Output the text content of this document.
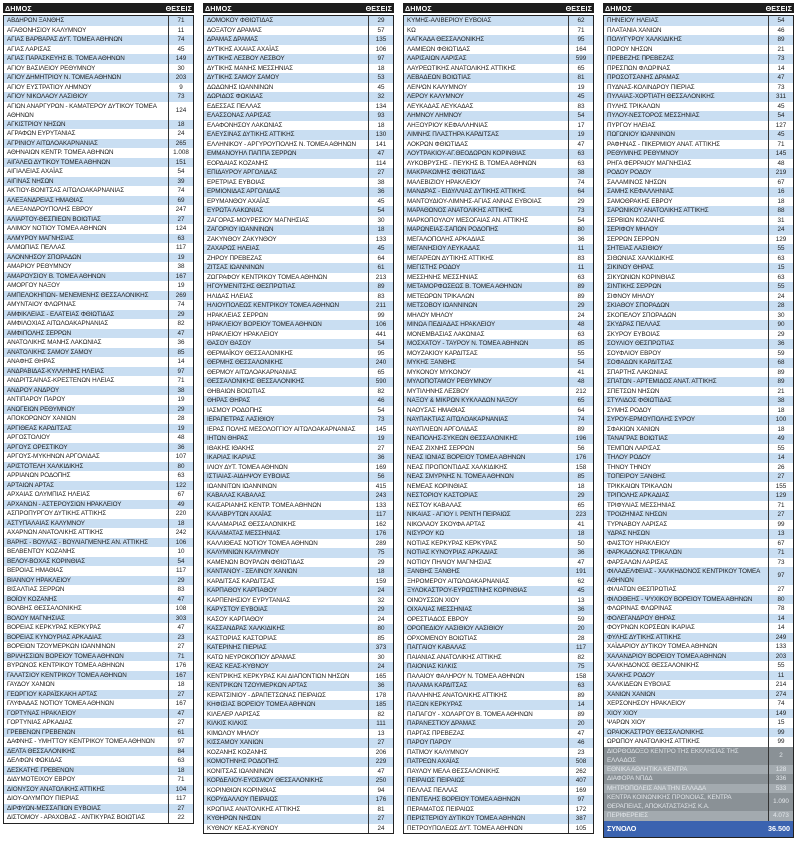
ΔΗΜΟΣ	ΘΕΣΕΙΣ
ΑΒΔΗΡΩΝ ΞΑΝΘΗΣ	71
ΑΓΑΘΟΝΗΣΙΟΥ ΚΑΛΥΜΝΟΥ	11
ΑΓΙΑΣ ΒΑΡΒΑΡΑΣ ΔΥΤ. ΤΟΜΕΑ ΑΘΗΝΩΝ	74
ΑΓΙΑΣ ΛΑΡΙΣΑΣ	45
ΑΓΙΑΣ ΠΑΡΑΣΚΕΥΗΣ Β. ΤΟΜΕΑ ΑΘΗΝΩΝ	149
ΑΓΙΟΥ ΒΑΣΙΛΕΙΟΥ ΡΕΘΥΜΝΟΥ	30
ΑΓΙΟΥ ΔΗΜΗΤΡΙΟΥ Ν. ΤΟΜΕΑ ΑΘΗΝΩΝ	203
ΑΓΙΟΥ ΕΥΣΤΡΑΤΙΟΥ ΛΗΜΝΟΥ	9
ΑΓΙΟΥ ΝΙΚΟΛΑΟΥ ΛΑΣΙΘΙΟΥ	73
ΑΓΙΩΝ ΑΝΑΡΓΥΡΩΝ - ΚΑΜΑΤΕΡΟΥ ΔΥΤΙΚΟΥ ΤΟΜΕΑ ΑΘΗΝΩΝ
124
ΑΓΚΙΣΤΡΙΟΥ ΝΗΣΩΝ	18
ΑΓΡΑΦΩΝ ΕΥΡΥΤΑΝΙΑΣ	24
ΑΓΡΙΝΙΟΥ ΑΙΤΩΛΟΑΚΑΡΝΑΝΙΑΣ	265
ΑΘΗΝΑΙΩΝ ΚΕΝΤΡ. ΤΟΜΕΑ ΑΘΗΝΩΝ	1.008
ΑΙΓΑΛΕΩ ΔΥΤΙΚΟΥ ΤΟΜΕΑ ΑΘΗΝΩΝ	151
ΑΙΓΙΑΛΕΙΑΣ ΑΧΑΪΑΣ	54
ΑΙΓΙΝΑΣ ΝΗΣΩΝ	39
ΑΚΤΙΟΥ-ΒΟΝΙΤΣΑΣ ΑΙΤΩΛΟΑΚΑΡΝΑΝΙΑΣ	74
ΑΛΕΞΑΝΔΡΕΙΑΣ ΗΜΑΘΙΑΣ	69
ΑΛΕΞΑΝΔΡΟΥΠΟΛΗΣ ΕΒΡΟΥ	247
ΑΛΙΑΡΤΟΥ-ΘΕΣΠΙΕΩΝ ΒΟΙΩΤΙΑΣ	27
ΑΛΙΜΟΥ ΝΟΤΙΟΥ ΤΟΜΕΑ ΑΘΗΝΩΝ	124
ΑΛΜΥΡΟΥ ΜΑΓΝΗΣΙΑΣ	63
ΑΛΜΩΠΙΑΣ ΠΕΛΛΑΣ	117
ΑΛΟΝΝΗΣΟΥ ΣΠΟΡΑΔΩΝ	19
ΑΜΑΡΙΟΥ ΡΕΘΥΜΝΟΥ	38
ΑΜΑΡΟΥΣΙΟΥ Β. ΤΟΜΕΑ ΑΘΗΝΩΝ	167
ΑΜΟΡΓΟΥ ΝΑΞΟΥ	19
ΑΜΠΕΛΟΚΗΠΩΝ- ΜΕΝΕΜΕΝΗΣ ΘΕΣΣΑΛΟΝΙΚΗΣ	269
ΑΜΥΝΤΑΙΟΥ ΦΛΩΡΙΝΑΣ	74
ΑΜΦΙΚΛΕΙΑΣ - ΕΛΑΤΕΙΑΣ ΦΘΙΩΤΙΔΑΣ	29
ΑΜΦΙΛΟΧΙΑΣ ΑΙΤΩΛΟΑΚΑΡΝΑΝΙΑΣ	82
ΑΜΦΙΠΟΛΗΣ ΣΕΡΡΩΝ	47
ΑΝΑΤΟΛΙΚΗΣ ΜΑΝΗΣ ΛΑΚΩΝΙΑΣ	36
ΑΝΑΤΟΛΙΚΗΣ ΣΑΜΟΥ ΣΑΜΟΥ	85
ΑΝΑΦΗΣ ΘΗΡΑΣ	14
ΑΝΔΡΑΒΙΔΑΣ-ΚΥΛΛΗΝΗΣ ΗΛΕΙΑΣ	97
ΑΝΔΡΙΤΣΑΙΝΑΣ-ΚΡΕΣΤΕΝΩΝ ΗΛΕΙΑΣ	71
ΑΝΔΡΟΥ ΑΝΔΡΟΥ	38
ΑΝΤΙΠΑΡΟΥ ΠΑΡΟΥ	19
ΑΝΩΓΕΙΩΝ ΡΕΘΥΜΝΟΥ	29
ΑΠΟΚΟΡΩΝΟΥ ΧΑΝΙΩΝ	28
ΑΡΓΙΘΕΑΣ ΚΑΡΔΙΤΣΑΣ	19
ΑΡΓΟΣΤΟΛΙΟΥ	48
ΑΡΓΟΥΣ ΟΡΕΣΤΙΚΟΥ	36
ΑΡΓΟΥΣ-ΜΥΚΗΝΩΝ ΑΡΓΟΛΙΔΑΣ	107
ΑΡΙΣΤΟΤΕΛΗ ΧΑΛΚΙΔΙΚΗΣ	80
ΑΡΡΙΑΝΩΝ ΡΟΔΟΠΗΣ	63
ΑΡΤΑΙΩΝ ΑΡΤΑΣ	122
ΑΡΧΑΙΑΣ ΟΛΥΜΠΙΑΣ ΗΛΕΙΑΣ	67
ΑΡΧΑΝΩΝ - ΑΣΤΕΡΟΥΣΙΩΝ ΗΡΑΚΛΕΙΟΥ	49
ΑΣΠΡΟΠΥΡΓΟΥ ΔΥΤΙΚΗΣ ΑΤΤΙΚΗΣ	220
ΑΣΤΥΠΑΛΑΙΑΣ ΚΑΛΥΜΝΟΥ	18
ΑΧΑΡΝΩΝ ΑΝΑΤΟΛΙΚΗΣ ΑΤΤΙΚΗΣ	242
ΒΑΡΗΣ - ΒΟΥΛΑΣ - ΒΟΥΛΙΑΓΜΕΝΗΣ ΑΝ. ΑΤΤΙΚΗΣ	106
ΒΕΛΒΕΝΤΟΥ ΚΟΖΑΝΗΣ	10
ΒΕΛΟΥ-ΒΟΧΑΣ ΚΟΡΙΝΘΙΑΣ	54
ΒΕΡΟΙΑΣ ΗΜΑΘΙΑΣ	117
ΒΙΑΝΝΟΥ ΗΡΑΚΛΕΙΟΥ	29
ΒΙΣΑΛΤΙΑΣ ΣΕΡΡΩΝ	83
ΒΟΪΟΥ ΚΟΖΑΝΗΣ	47
ΒΟΛΒΗΣ ΘΕΣΣΑΛΟΝΙΚΗΣ	108
ΒΟΛΟΥ ΜΑΓΝΗΣΙΑΣ	303
ΒΟΡΕΙΑΣ ΚΕΡΚΥΡΑΣ ΚΕΡΚΥΡΑΣ	47
ΒΟΡΕΙΑΣ ΚΥΝΟΥΡΙΑΣ ΑΡΚΑΔΙΑΣ	23
ΒΟΡΕΙΩΝ ΤΖΟΥΜΕΡΚΩΝ ΙΩΑΝΝΙΝΩΝ	27
ΒΡΙΛΗΣΣΙΩΝ ΒΟΡΕΙΟΥ ΤΟΜΕΑ ΑΘΗΝΩΝ	71
ΒΥΡΩΝΟΣ ΚΕΝΤΡΙΚΟΥ ΤΟΜΕΑ ΑΘΗΝΩΝ	176
ΓΑΛΑΤΣΙΟΥ ΚΕΝΤΡΙΚΟΥ ΤΟΜΕΑ ΑΘΗΝΩΝ	167
ΓΑΥΔΟΥ ΧΑΝΙΩΝ	18
ΓΕΩΡΓΙΟΥ ΚΑΡΑΪΣΚΑΚΗ ΑΡΤΑΣ	27
ΓΛΥΦΑΔΑΣ ΝΟΤΙΟΥ ΤΟΜΕΑ ΑΘΗΝΩΝ	167
ΓΟΡΤΥΝΑΣ ΗΡΑΚΛΕΙΟΥ	47
ΓΟΡΤΥΝΙΑΣ ΑΡΚΑΔΙΑΣ	27
ΓΡΕΒΕΝΩΝ ΓΡΕΒΕΝΩΝ	61
ΔΑΦΝΗΣ - ΥΜΗΤΤΟΥ ΚΕΝΤΡΙΚΟΥ ΤΟΜΕΑ ΑΘΗΝΩΝ	97
ΔΕΛΤΑ ΘΕΣΣΑΛΟΝΙΚΗΣ	84
ΔΕΛΦΩΝ ΦΩΚΙΔΑΣ	63
ΔΕΣΚΑΤΗΣ ΓΡΕΒΕΝΩΝ	18
ΔΙΔΥΜΟΤΕΙΧΟΥ ΕΒΡΟΥ	71
ΔΙΟΝΥΣΟΥ ΑΝΑΤΟΛΙΚΗΣ ΑΤΤΙΚΗΣ	104
ΔΙΟΥ-ΟΛΥΜΠΟΥ ΠΙΕΡΙΑΣ	117
ΔΙΡΦΥΩΝ-ΜΕΣΣΑΠΙΩΝ ΕΥΒΟΙΑΣ	27
ΔΙΣΤΟΜΟΥ - ΑΡΑΧΟΒΑΣ - ΑΝΤΙΚΥΡΑΣ ΒΟΙΩΤΙΑΣ	22
ΔΗΜΟΣ	ΘΕΣΕΙΣ
ΔΟΜΟΚΟΥ ΦΘΙΩΤΙΔΑΣ	29
ΔΟΞΑΤΟΥ ΔΡΑΜΑΣ	57
ΔΡΑΜΑΣ ΔΡΑΜΑΣ	135
ΔΥΤΙΚΗΣ ΑΧΑΙΑΣ ΑΧΑΪΑΣ	106
ΔΥΤΙΚΗΣ ΛΕΣΒΟΥ ΛΕΣΒΟΥ	97
ΔΥΤΙΚΗΣ ΜΑΝΗΣ ΜΕΣΣΗΝΙΑΣ	18
ΔΥΤΙΚΗΣ ΣΑΜΟΥ ΣΑΜΟΥ	53
ΔΩΔΩΝΗΣ ΙΩΑΝΝΙΝΩΝ	45
ΔΩΡΙΔΟΣ ΦΩΚΙΔΑΣ	32
ΕΔΕΣΣΑΣ ΠΕΛΛΑΣ	134
ΕΛΑΣΣΟΝΑΣ ΛΑΡΙΣΑΣ	93
ΕΛΑΦΟΝΗΣΟΥ ΛΑΚΩΝΙΑΣ	18
ΕΛΕΥΣΙΝΑΣ ΔΥΤΙΚΗΣ ΑΤΤΙΚΗΣ	130
ΕΛΛΗΝΙΚΟΥ - ΑΡΓΥΡΟΥΠΟΛΗΣ Ν. ΤΟΜΕΑ ΑΘΗΝΩΝ	141
ΕΜΜΑΝΟΥΗΛ ΠΑΠΠΑ ΣΕΡΡΩΝ	47
ΕΟΡΔΑΙΑΣ ΚΟΖΑΝΗΣ	114
ΕΠΙΔΑΥΡΟΥ ΑΡΓΟΛΙΔΑΣ	27
ΕΡΕΤΡΙΑΣ ΕΥΒΟΙΑΣ	38
ΕΡΜΙΟΝΙΔΑΣ ΑΡΓΟΛΙΔΑΣ	36
ΕΡΥΜΑΝΘΟΥ ΑΧΑΪΑΣ	45
ΕΥΡΩΤΑ ΛΑΚΩΝΙΑΣ	54
ΖΑΓΟΡΑΣ-ΜΟΥΡΕΣΙΟΥ ΜΑΓΝΗΣΙΑΣ	30
ΖΑΓΟΡΙΟΥ ΙΩΑΝΝΙΝΩΝ	18
ΖΑΚΥΝΘΟΥ ΖΑΚΥΝΘΟΥ	133
ΖΑΧΑΡΩΣ ΗΛΕΙΑΣ	45
ΖΗΡΟΥ ΠΡΕΒΕΖΑΣ	64
ΖΙΤΣΑΣ ΙΩΑΝΝΙΝΩΝ	61
ΖΩΓΡΑΦΟΥ ΚΕΝΤΡΙΚΟΥ ΤΟΜΕΑ ΑΘΗΝΩΝ	213
ΗΓΟΥΜΕΝΙΤΣΗΣ ΘΕΣΠΡΩΤΙΑΣ	89
ΗΛΙΔΑΣ ΗΛΕΙΑΣ	83
ΗΛΙΟΥΠΟΛΕΩΣ ΚΕΝΤΡΙΚΟΥ ΤΟΜΕΑ ΑΘΗΝΩΝ	211
ΗΡΑΚΛΕΙΑΣ ΣΕΡΡΩΝ	99
ΗΡΑΚΛΕΙΟΥ ΒΟΡΕΙΟΥ ΤΟΜΕΑ ΑΘΗΝΩΝ	106
ΗΡΑΚΛΕΙΟΥ ΗΡΑΚΛΕΙΟΥ	441
ΘΑΣΟΥ ΘΑΣΟΥ	54
ΘΕΡΜΑΪΚΟΥ ΘΕΣΣΑΛΟΝΙΚΗΣ	95
ΘΕΡΜΗΣ ΘΕΣΣΑΛΟΝΙΚΗΣ	240
ΘΕΡΜΟΥ ΑΙΤΩΛΟΑΚΑΡΝΑΝΙΑΣ	65
ΘΕΣΣΑΛΟΝΙΚΗΣ ΘΕΣΣΑΛΟΝΙΚΗΣ	590
ΘΗΒΑΙΩΝ ΒΟΙΩΤΙΑΣ	82
ΘΗΡΑΣ ΘΗΡΑΣ	46
ΙΑΣΜΟΥ ΡΟΔΟΠΗΣ	54
ΙΕΡΑΠΕΤΡΑΣ ΛΑΣΙΘΙΟΥ	73
ΙΕΡΑΣ ΠΟΛΗΣ ΜΕΣΟΛΟΓΓΙΟΥ ΑΙΤΩΛΟΑΚΑΡΝΑΝΙΑΣ	145
ΙΗΤΩΝ ΘΗΡΑΣ	19
ΙΘΑΚΗΣ ΙΘΑΚΗΣ	27
ΙΚΑΡΙΑΣ ΙΚΑΡΙΑΣ	36
ΙΛΙΟΥ ΔΥΤ. ΤΟΜΕΑ ΑΘΗΝΩΝ	169
ΙΣΤΙΑΙΑΣ-ΑΙΔΗΨΟΥ ΕΥΒΟΙΑΣ	56
ΙΩΑΝΝΙΤΩΝ ΙΩΑΝΝΙΝΩΝ	415
ΚΑΒΑΛΑΣ ΚΑΒΑΛΑΣ	243
ΚΑΙΣΑΡΙΑΝΗΣ ΚΕΝΤΡ. ΤΟΜΕΑ ΑΘΗΝΩΝ	133
ΚΑΛΑΒΡΥΤΩΝ ΑΧΑΪΑΣ	117
ΚΑΛΑΜΑΡΙΑΣ ΘΕΣΣΑΛΟΝΙΚΗΣ	162
ΚΑΛΑΜΑΤΑΣ ΜΕΣΣΗΝΙΑΣ	176
ΚΑΛΛΙΘΕΑΣ ΝΟΤΙΟΥ ΤΟΜΕΑ ΑΘΗΝΩΝ	289
ΚΑΛΥΜΝΙΩΝ ΚΑΛΥΜΝΟΥ	75
ΚΑΜΕΝΩΝ ΒΟΥΡΛΩΝ ΦΘΙΩΤΙΔΑΣ	29
ΚΑΝΤΑΝΟΥ - ΣΕΛΙΝΟΥ ΧΑΝΙΩΝ	18
ΚΑΡΔΙΤΣΑΣ ΚΑΡΔΙΤΣΑΣ	159
ΚΑΡΠΑΘΟΥ ΚΑΡΠΑΘΟΥ	24
ΚΑΡΠΕΝΗΣΙΟΥ ΕΥΡΥΤΑΝΙΑΣ	32
ΚΑΡΥΣΤΟΥ ΕΥΒΟΙΑΣ	29
ΚΑΣΟΥ ΚΑΡΠΑΘΟΥ	24
ΚΑΣΣΑΝΔΡΑΣ ΧΑΛΚΙΔΙΚΗΣ	80
ΚΑΣΤΟΡΙΑΣ ΚΑΣΤΟΡΙΑΣ	85
ΚΑΤΕΡΙΝΗΣ ΠΙΕΡΙΑΣ	373
ΚΑΤΩ ΝΕΥΡΟΚΟΠΙΟΥ ΔΡΑΜΑΣ	30
ΚΕΑΣ ΚΕΑΣ-ΚΥΘΝΟΥ	24
ΚΕΝΤΡΙΚΗΣ ΚΕΡΚΥΡΑΣ ΚΑΙ ΔΙΑΠΟΝΤΙΩΝ ΝΗΣΩΝ	165
ΚΕΝΤΡΙΚΩΝ ΤΖΟΥΜΕΡΚΩΝ ΑΡΤΑΣ	36
ΚΕΡΑΤΣΙΝΙΟΥ - ΔΡΑΠΕΤΣΩΝΑΣ ΠΕΙΡΑΙΩΣ	178
ΚΗΦΙΣΙΑΣ ΒΟΡΕΙΟΥ ΤΟΜΕΑ ΑΘΗΝΩΝ	185
ΚΙΛΕΛΕΡ ΛΑΡΙΣΑΣ	82
ΚΙΛΚΙΣ ΚΙΛΚΙΣ	111
ΚΙΜΩΛΟΥ ΜΗΛΟΥ	13
ΚΙΣΣΑΜΟΥ ΧΑΝΙΩΝ	27
ΚΟΖΑΝΗΣ ΚΟΖΑΝΗΣ	206
ΚΟΜΟΤΗΝΗΣ ΡΟΔΟΠΗΣ	229
ΚΟΝΙΤΣΑΣ ΙΩΑΝΝΙΝΩΝ	47
ΚΟΡΔΕΛΙΟΥ-ΕΥΟΣΜΟΥ ΘΕΣΣΑΛΟΝΙΚΗΣ	250
ΚΟΡΙΝΘΙΩΝ ΚΟΡΙΝΘΙΑΣ	94
ΚΟΡΥΔΑΛΛΟΥ ΠΕΙΡΑΙΩΣ	176
ΚΡΩΠΙΑΣ ΑΝΑΤΟΛΙΚΗΣ ΑΤΤΙΚΗΣ	81
ΚΥΘΗΡΩΝ ΝΗΣΩΝ	27
ΚΥΘΝΟΥ ΚΕΑΣ-ΚΥΘΝΟΥ	24
ΔΗΜΟΣ	ΘΕΣΕΙΣ
ΚΥΜΗΣ-ΑΛΙΒΕΡΙΟΥ ΕΥΒΟΙΑΣ	62
ΚΩ	71
ΛΑΓΚΑΔΑ ΘΕΣΣΑΛΟΝΙΚΗΣ	95
ΛΑΜΙΕΩΝ ΦΘΙΩΤΙΔΑΣ	164
ΛΑΡΙΣΑΙΩΝ ΛΑΡΙΣΑΣ	599
ΛΑΥΡΕΩΤΙΚΗΣ ΑΝΑΤΟΛΙΚΗΣ ΑΤΤΙΚΗΣ	65
ΛΕΒΑΔΕΩΝ ΒΟΙΩΤΙΑΣ	81
ΛΕΙΨΩΝ ΚΑΛΥΜΝΟΥ	19
ΛΕΡΟΥ ΚΑΛΥΜΝΟΥ	45
ΛΕΥΚΑΔΑΣ ΛΕΥΚΑΔΑΣ	83
ΛΗΜΝΟΥ ΛΗΜΝΟΥ	54
ΛΗΞΟΥΡΙΟΥ ΚΕΦΑΛΛΗΝΙΑΣ	17
ΛΙΜΝΗΣ ΠΛΑΣΤΗΡΑ ΚΑΡΔΙΤΣΑΣ	19
ΛΟΚΡΩΝ ΦΘΙΩΤΙΔΑΣ	47
ΛΟΥΤΡΑΚΙΟΥ-ΑΓ.ΘΕΟΔΩΡΩΝ ΚΟΡΙΝΘΙΑΣ	63
ΛΥΚΟΒΡΥΣΗΣ - ΠΕΥΚΗΣ Β. ΤΟΜΕΑ ΑΘΗΝΩΝ	63
ΜΑΚΡΑΚΩΜΗΣ ΦΘΙΩΤΙΔΑΣ	38
ΜΑΛΕΒΙΖΙΟΥ ΗΡΑΚΛΕΙΟΥ	74
ΜΑΝΔΡΑΣ - ΕΙΔΥΛΛΙΑΣ ΔΥΤΙΚΗΣ ΑΤΤΙΚΗΣ	64
ΜΑΝΤΟΥΔΙΟΥ-ΛΙΜΝΗΣ-ΑΓΙΑΣ ΑΝΝΑΣ ΕΥΒΟΙΑΣ	29
ΜΑΡΑΘΩΝΟΣ ΑΝΑΤΟΛΙΚΗΣ ΑΤΤΙΚΗΣ	73
ΜΑΡΚΟΠΟΥΛΟΥ ΜΕΣΟΓΑΙΑΣ ΑΝ. ΑΤΤΙΚΗΣ	54
ΜΑΡΩΝΕΙΑΣ-ΣΑΠΩΝ ΡΟΔΟΠΗΣ	80
ΜΕΓΑΛΟΠΟΛΗΣ ΑΡΚΑΔΙΑΣ	36
ΜΕΓΑΝΗΣΙΟΥ ΛΕΥΚΑΔΑΣ	11
ΜΕΓΑΡΕΩΝ ΔΥΤΙΚΗΣ ΑΤΤΙΚΗΣ	83
ΜΕΓΙΣΤΗΣ ΡΟΔΟΥ	11
ΜΕΣΣΗΝΗΣ ΜΕΣΣΗΝΙΑΣ	63
ΜΕΤΑΜΟΡΦΩΣΕΩΣ Β. ΤΟΜΕΑ ΑΘΗΝΩΝ	89
ΜΕΤΕΩΡΩΝ ΤΡΙΚΑΛΩΝ	89
ΜΕΤΣΟΒΟΥ ΙΩΑΝΝΙΝΩΝ	29
ΜΗΛΟΥ ΜΗΛΟΥ	24
ΜΙΝΩΑ ΠΕΔΙΑΔΑΣ ΗΡΑΚΛΕΙΟΥ	48
ΜΟΝΕΜΒΑΣΙΑΣ ΛΑΚΩΝΙΑΣ	63
ΜΟΣΧΑΤΟΥ - ΤΑΥΡΟΥ Ν. ΤΟΜΕΑ ΑΘΗΝΩΝ	85
ΜΟΥΖΑΚΙΟΥ ΚΑΡΔΙΤΣΑΣ	55
ΜΥΚΗΣ ΞΑΝΘΗΣ	54
ΜΥΚΟΝΟΥ ΜΥΚΟΝΟΥ	41
ΜΥΛΟΠΟΤΑΜΟΥ ΡΕΘΥΜΝΟΥ	48
ΜΥΤΙΛΗΝΗΣ ΛΕΣΒΟΥ	212
ΝΑΞΟΥ & ΜΙΚΡΩΝ ΚΥΚΛΑΔΩΝ ΝΑΞΟΥ	65
ΝΑΟΥΣΑΣ ΗΜΑΘΙΑΣ	64
ΝΑΥΠΑΚΤΙΑΣ ΑΙΤΩΛΟΑΚΑΡΝΑΝΙΑΣ	74
ΝΑΥΠΛΙΕΩΝ ΑΡΓΟΛΙΔΑΣ	89
ΝΕΑΠΟΛΗΣ-ΣΥΚΕΩΝ ΘΕΣΣΑΛΟΝΙΚΗΣ	196
ΝΕΑΣ ΖΙΧΝΗΣ ΣΕΡΡΩΝ	56
ΝΕΑΣ ΙΩΝΙΑΣ ΒΟΡΕΙΟΥ ΤΟΜΕΑ ΑΘΗΝΩΝ	176
ΝΕΑΣ ΠΡΟΠΟΝΤΙΔΑΣ ΧΑΛΚΙΔΙΚΗΣ	158
ΝΕΑΣ ΣΜΥΡΝΗΣ Ν. ΤΟΜΕΑ ΑΘΗΝΩΝ	85
ΝΕΜΕΑΣ ΚΟΡΙΝΘΙΑΣ	18
ΝΕΣΤΟΡΙΟΥ ΚΑΣΤΟΡΙΑΣ	29
ΝΕΣΤΟΥ ΚΑΒΑΛΑΣ	65
ΝΙΚΑΙΑΣ - ΑΓΙΟΥ Ι. ΡΕΝΤΗ ΠΕΙΡΑΙΩΣ	223
ΝΙΚΟΛΑΟΥ ΣΚΟΥΦΑ ΑΡΤΑΣ	41
ΝΙΣΥΡΟΥ ΚΩ	18
ΝΟΤΙΑΣ ΚΕΡΚΥΡΑΣ ΚΕΡΚΥΡΑΣ	50
ΝΟΤΙΑΣ ΚΥΝΟΥΡΙΑΣ ΑΡΚΑΔΙΑΣ	36
ΝΟΤΙΟΥ ΠΗΛΙΟΥ ΜΑΓΝΗΣΙΑΣ	47
ΞΑΝΘΗΣ ΞΑΝΘΗΣ	191
ΞΗΡΟΜΕΡΟΥ ΑΙΤΩΛΟΑΚΑΡΝΑΝΙΑΣ	62
ΞΥΛΟΚΑΣΤΡΟΥ-ΕΥΡΩΣΤΙΝΗΣ ΚΟΡΙΝΘΙΑΣ	45
ΟΙΝΟΥΣΣΩΝ ΧΙΟΥ	13
ΟΙΧΑΛΙΑΣ ΜΕΣΣΗΝΙΑΣ	36
ΟΡΕΣΤΙΑΔΟΣ ΕΒΡΟΥ	59
ΟΡΟΠΕΔΙΟΥ ΛΑΣΙΘΙΟΥ ΛΑΣΙΘΙΟΥ	20
ΟΡΧΟΜΕΝΟΥ ΒΟΙΩΤΙΑΣ	28
ΠΑΓΓΑΙΟΥ ΚΑΒΑΛΑΣ	117
ΠΑΙΑΝΙΑΣ ΑΝΑΤΟΛΙΚΗΣ ΑΤΤΙΚΗΣ	82
ΠΑΙΟΝΙΑΣ ΚΙΛΚΙΣ	75
ΠΑΛΑΙΟΥ ΦΑΛΗΡΟΥ Ν. ΤΟΜΕΑ ΑΘΗΝΩΝ	158
ΠΑΛΑΜΑ ΚΑΡΔΙΤΣΑΣ	63
ΠΑΛΛΗΝΗΣ ΑΝΑΤΟΛΙΚΗΣ ΑΤΤΙΚΗΣ	89
ΠΑΞΩΝ ΚΕΡΚΥΡΑΣ	14
ΠΑΠΑΓΟΥ - ΧΟΛΑΡΓΟΥ Β. ΤΟΜΕΑ ΑΘΗΝΩΝ	89
ΠΑΡΑΝΕΣΤΙΟΥ ΔΡΑΜΑΣ	20
ΠΑΡΓΑΣ ΠΡΕΒΕΖΑΣ	47
ΠΑΡΟΥ ΠΑΡΟΥ	46
ΠΑΤΜΟΥ ΚΑΛΥΜΝΟΥ	23
ΠΑΤΡΕΩΝ ΑΧΑΪΑΣ	508
ΠΑΥΛΟΥ ΜΕΛΑ ΘΕΣΣΑΛΟΝΙΚΗΣ	262
ΠΕΙΡΑΙΩΣ ΠΕΙΡΑΙΩΣ	407
ΠΕΛΛΑΣ ΠΕΛΛΑΣ	169
ΠΕΝΤΕΛΗΣ ΒΟΡΕΙΟΥ ΤΟΜΕΑ ΑΘΗΝΩΝ	97
ΠΕΡΑΜΑΤΟΣ ΠΕΙΡΑΙΩΣ	172
ΠΕΡΙΣΤΕΡΙΟΥ ΔΥΤΙΚΟΥ ΤΟΜΕΑ ΑΘΗΝΩΝ	387
ΠΕΤΡΟΥΠΟΛΕΩΣ ΔΥΤ. ΤΟΜΕΑ ΑΘΗΝΩΝ	105
ΔΗΜΟΣ	ΘΕΣΕΙΣ
ΠΗΝΕΙΟΥ ΗΛΕΙΑΣ	54
ΠΛΑΤΑΝΙΑ ΧΑΝΙΩΝ	46
ΠΟΛΥΓΥΡΟΥ ΧΑΛΚΙΔΙΚΗΣ	89
ΠΟΡΟΥ ΝΗΣΩΝ	21
ΠΡΕΒΕΖΗΣ ΠΡΕΒΕΖΑΣ	73
ΠΡΕΣΠΩΝ ΦΛΩΡΙΝΑΣ	14
ΠΡΟΣΟΤΣΑΝΗΣ ΔΡΑΜΑΣ	47
ΠΥΔΝΑΣ-ΚΟΛΙΝΔΡΟΥ ΠΙΕΡΙΑΣ	73
ΠΥΛΑΙΑΣ-ΧΟΡΤΙΑΤΗ ΘΕΣΣΑΛΟΝΙΚΗΣ	311
ΠΥΛΗΣ ΤΡΙΚΑΛΩΝ	45
ΠΥΛΟΥ-ΝΕΣΤΟΡΟΣ ΜΕΣΣΗΝΙΑΣ	54
ΠΥΡΓΟΥ ΗΛΕΙΑΣ	127
ΠΩΓΩΝΙΟΥ ΙΩΑΝΝΙΝΩΝ	45
ΡΑΦΗΝΑΣ - ΠΙΚΕΡΜΙΟΥ ΑΝΑΤ. ΑΤΤΙΚΗΣ	71
ΡΕΘΥΜΝΗΣ ΡΕΘΥΜΝΟΥ	145
ΡΗΓΑ ΦΕΡΡΑΙΟΥ ΜΑΓΝΗΣΙΑΣ	48
ΡΟΔΟΥ ΡΟΔΟΥ	219
ΣΑΛΑΜΙΝΟΣ ΝΗΣΩΝ	67
ΣΑΜΗΣ ΚΕΦΑΛΛΗΝΙΑΣ	16
ΣΑΜΟΘΡΑΚΗΣ ΕΒΡΟΥ	18
ΣΑΡΩΝΙΚΟΥ ΑΝΑΤΟΛΙΚΗΣ ΑΤΤΙΚΗΣ	88
ΣΕΡΒΙΩΝ ΚΟΖΑΝΗΣ	31
ΣΕΡΙΦΟΥ ΜΗΛΟΥ	24
ΣΕΡΡΩΝ ΣΕΡΡΩΝ	129
ΣΗΤΕΙΑΣ ΛΑΣΙΘΙΟΥ	55
ΣΙΘΩΝΙΑΣ ΧΑΛΚΙΔΙΚΗΣ	63
ΣΙΚΙΝΟΥ ΘΗΡΑΣ	15
ΣΙΚΥΩΝΙΩΝ ΚΟΡΙΝΘΙΑΣ	63
ΣΙΝΤΙΚΗΣ ΣΕΡΡΩΝ	55
ΣΙΦΝΟΥ ΜΗΛΟΥ	24
ΣΚΙΑΘΟΥ ΣΠΟΡΑΔΩΝ	28
ΣΚΟΠΕΛΟΥ ΣΠΟΡΑΔΩΝ	30
ΣΚΥΔΡΑΣ ΠΕΛΛΑΣ	90
ΣΚΥΡΟΥ ΕΥΒΟΙΑΣ	29
ΣΟΥΛΙΟΥ ΘΕΣΠΡΩΤΙΑΣ	36
ΣΟΥΦΛΙΟΥ ΕΒΡΟΥ	59
ΣΟΦΑΔΩΝ ΚΑΡΔΙΤΣΑΣ	68
ΣΠΑΡΤΗΣ ΛΑΚΩΝΙΑΣ	89
ΣΠΑΤΩΝ - ΑΡΤΕΜΙΔΟΣ ΑΝΑΤ. ΑΤΤΙΚΗΣ	89
ΣΠΕΤΣΩΝ ΝΗΣΩΝ	21
ΣΤΥΛΙΔΟΣ ΦΘΙΩΤΙΔΑΣ	38
ΣΥΜΗΣ ΡΟΔΟΥ	18
ΣΥΡΟΥ-ΕΡΜΟΥΠΟΛΗΣ ΣΥΡΟΥ	100
ΣΦΑΚΙΩΝ ΧΑΝΙΩΝ	18
ΤΑΝΑΓΡΑΣ ΒΟΙΩΤΙΑΣ	49
ΤΕΜΠΩΝ ΛΑΡΙΣΑΣ	55
ΤΗΛΟΥ ΡΟΔΟΥ	14
ΤΗΝΟΥ ΤΗΝΟΥ	26
ΤΟΠΕΙΡΟΥ ΞΑΝΘΗΣ	27
ΤΡΙΚΚΑΙΩΝ ΤΡΙΚΑΛΩΝ	155
ΤΡΙΠΟΛΗΣ ΑΡΚΑΔΙΑΣ	129
ΤΡΙΦΥΛΙΑΣ ΜΕΣΣΗΝΙΑΣ	71
ΤΡΟΙΖΗΝΙΑΣ ΝΗΣΩΝ	27
ΤΥΡΝΑΒΟΥ ΛΑΡΙΣΑΣ	99
ΥΔΡΑΣ ΝΗΣΩΝ	13
ΦΑΙΣΤΟΥ ΗΡΑΚΛΕΙΟΥ	67
ΦΑΡΚΑΔΟΝΑΣ ΤΡΙΚΑΛΩΝ	71
ΦΑΡΣΑΛΩΝ ΛΑΡΙΣΑΣ	73
ΦΙΛΑΔΕΛΦΕΙΑΣ - ΧΑΛΚΗΔΟΝΟΣ ΚΕΝΤΡΙΚΟΥ ΤΟΜΕΑ ΑΘΗΝΩΝ
97
ΦΙΛΙΑΤΩΝ ΘΕΣΠΡΩΤΙΑΣ	27
ΦΙΛΟΘΕΗΣ - ΨΥΧΙΚΟΥ ΒΟΡΕΙΟΥ ΤΟΜΕΑ ΑΘΗΝΩΝ	80
ΦΛΩΡΙΝΑΣ ΦΛΩΡΙΝΑΣ	78
ΦΟΛΕΓΑΝΔΡΟΥ ΘΗΡΑΣ	14
ΦΟΥΡΝΩΝ ΚΟΡΣΕΩΝ ΙΚΑΡΙΑΣ	14
ΦΥΛΗΣ ΔΥΤΙΚΗΣ ΑΤΤΙΚΗΣ	249
ΧΑΪΔΑΡΙΟΥ ΔΥΤΙΚΟΥ ΤΟΜΕΑ ΑΘΗΝΩΝ	133
ΧΑΛΑΝΔΡΙΟΥ ΒΟΡΕΙΟΥ ΤΟΜΕΑ ΑΘΗΝΩΝ	203
ΧΑΛΚΗΔΟΝΟΣ ΘΕΣΣΑΛΟΝΙΚΗΣ	55
ΧΑΛΚΗΣ ΡΟΔΟΥ	11
ΧΑΛΚΙΔΕΩΝ ΕΥΒΟΙΑΣ	214
ΧΑΝΙΩΝ ΧΑΝΙΩΝ	274
ΧΕΡΣΟΝΗΣΟΥ ΗΡΑΚΛΕΙΟΥ	74
ΧΙΟΥ ΧΙΟΥ	149
ΨΑΡΩΝ ΧΙΟΥ	15
ΩΡΑΙΟΚΑΣΤΡΟΥ ΘΕΣΣΑΛΟΝΙΚΗΣ	99
ΩΡΩΠΟΥ ΑΝΑΤΟΛΙΚΗΣ ΑΤΤΙΚΗΣ	99
ΔΙΟΡΘΟΔΟΞΟ ΚΕΝΤΡΟ ΤΗΣ ΕΚΚΛΗΣΙΑΣ ΤΗΣ ΕΛΛΑΔΟΣ
2
ΕΘΝΙΚΑ ΑΘΛΗΤΙΚΑ ΚΕΝΤΡΑ	128
ΔΙΑΦΟΡΑ ΝΠΔΔ	336
ΜΗΤΡΟΠΟΛΕΙΣ ΑΝΑ ΤΗΝ ΕΛΛΑΔΑ	533
ΚΕΝΤΡΑ ΚΟΙΝΩΝΙΚΗΣ ΠΡΟΝΟΙΑΣ, ΚΕΝΤΡΑ ΘΕΡΑΠΕΙΑΣ, ΑΠΟΚΑΤΑΣΤΑΣΗΣ Κ.Α.
1.090
ΠΕΡΙΦΕΡΕΙΕΣ	4.073
ΣΥΝΟΛΟ	36.500
